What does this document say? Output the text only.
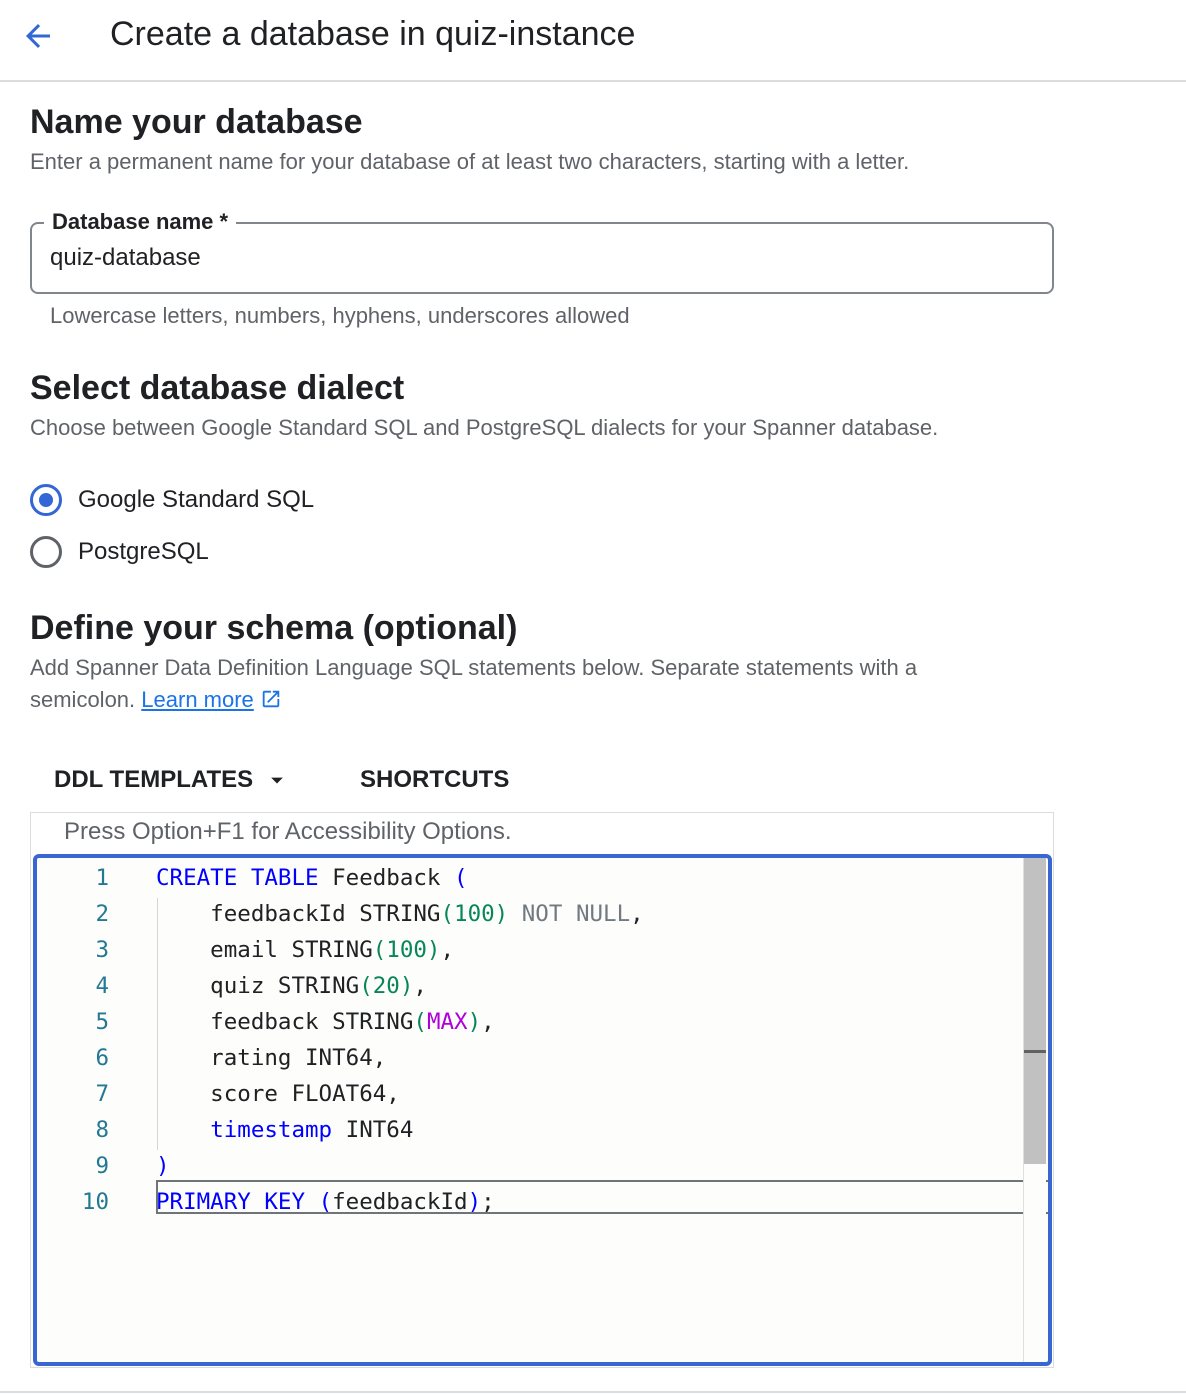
Create a database in quiz-instance
Name your database
Enter a permanent name for your database of at least two characters, starting with a letter.
Database name *
quiz-database
Lowercase letters, numbers, hyphens, underscores allowed
Select database dialect
Choose between Google Standard SQL and PostgreSQL dialects for your Spanner database.
Google Standard SQL
PostgreSQL
Define your schema (optional)
Add Spanner Data Definition Language SQL statements below. Separate statements with a
semicolon. Learn more
DDL TEMPLATES	SHORTCUTS
Press Option+F1 for Accessibility Options.
1 CREATE TABLE Feedback (
2 feedbackId STRING(100) NOT NULL,
3 email STRING(100),
4 quiz STRING(20),
5 feedback STRING(MAX),
6 rating INT64,
7 score FLOAT64,
8	timestamp INT64
9 )
10 PRIMARY KEY (feedbackId);
